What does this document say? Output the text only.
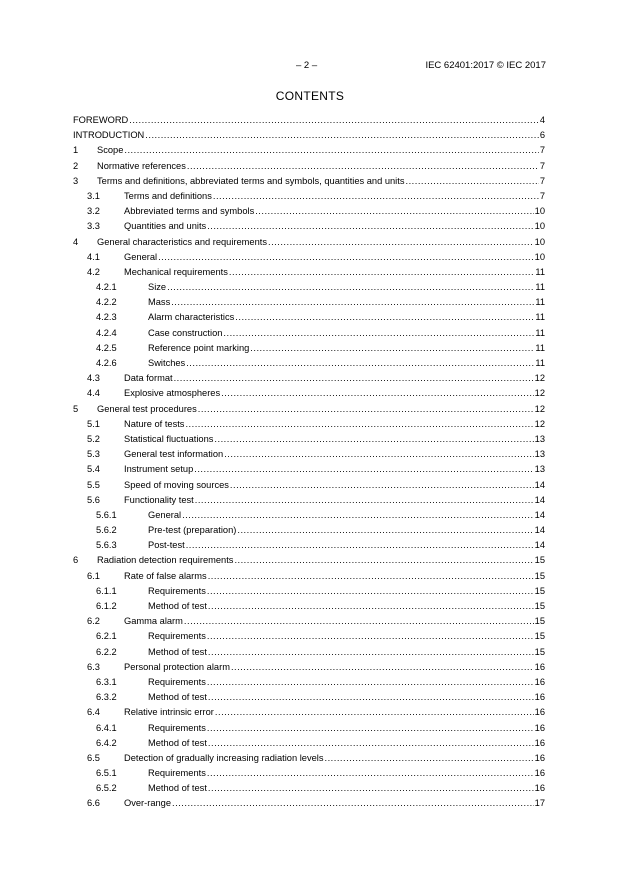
– 2 –	IEC 62401:2017 © IEC 2017
CONTENTS
FOREWORD .....	4
INTRODUCTION .....	6
1	Scope .....	7
2	Normative references .....	7
3	Terms and definitions, abbreviated terms and symbols, quantities and units .....	7
3.1	Terms and definitions .....	7
3.2	Abbreviated terms and symbols .....	10
3.3	Quantities and units .....	10
4	General characteristics and requirements .....	10
4.1	General .....	10
4.2	Mechanical requirements .....	11
4.2.1	Size .....	11
4.2.2	Mass .....	11
4.2.3	Alarm characteristics .....	11
4.2.4	Case construction .....	11
4.2.5	Reference point marking .....	11
4.2.6	Switches .....	11
4.3	Data format .....	12
4.4	Explosive atmospheres .....	12
5	General test procedures .....	12
5.1	Nature of tests .....	12
5.2	Statistical fluctuations .....	13
5.3	General test information .....	13
5.4	Instrument setup .....	13
5.5	Speed of moving sources .....	14
5.6	Functionality test .....	14
5.6.1	General .....	14
5.6.2	Pre-test (preparation) .....	14
5.6.3	Post-test .....	14
6	Radiation detection requirements .....	15
6.1	Rate of false alarms .....	15
6.1.1	Requirements .....	15
6.1.2	Method of test .....	15
6.2	Gamma alarm .....	15
6.2.1	Requirements .....	15
6.2.2	Method of test .....	15
6.3	Personal protection alarm .....	16
6.3.1	Requirements .....	16
6.3.2	Method of test .....	16
6.4	Relative intrinsic error .....	16
6.4.1	Requirements .....	16
6.4.2	Method of test .....	16
6.5	Detection of gradually increasing radiation levels .....	16
6.5.1	Requirements .....	16
6.5.2	Method of test .....	16
6.6	Over-range .....	17
